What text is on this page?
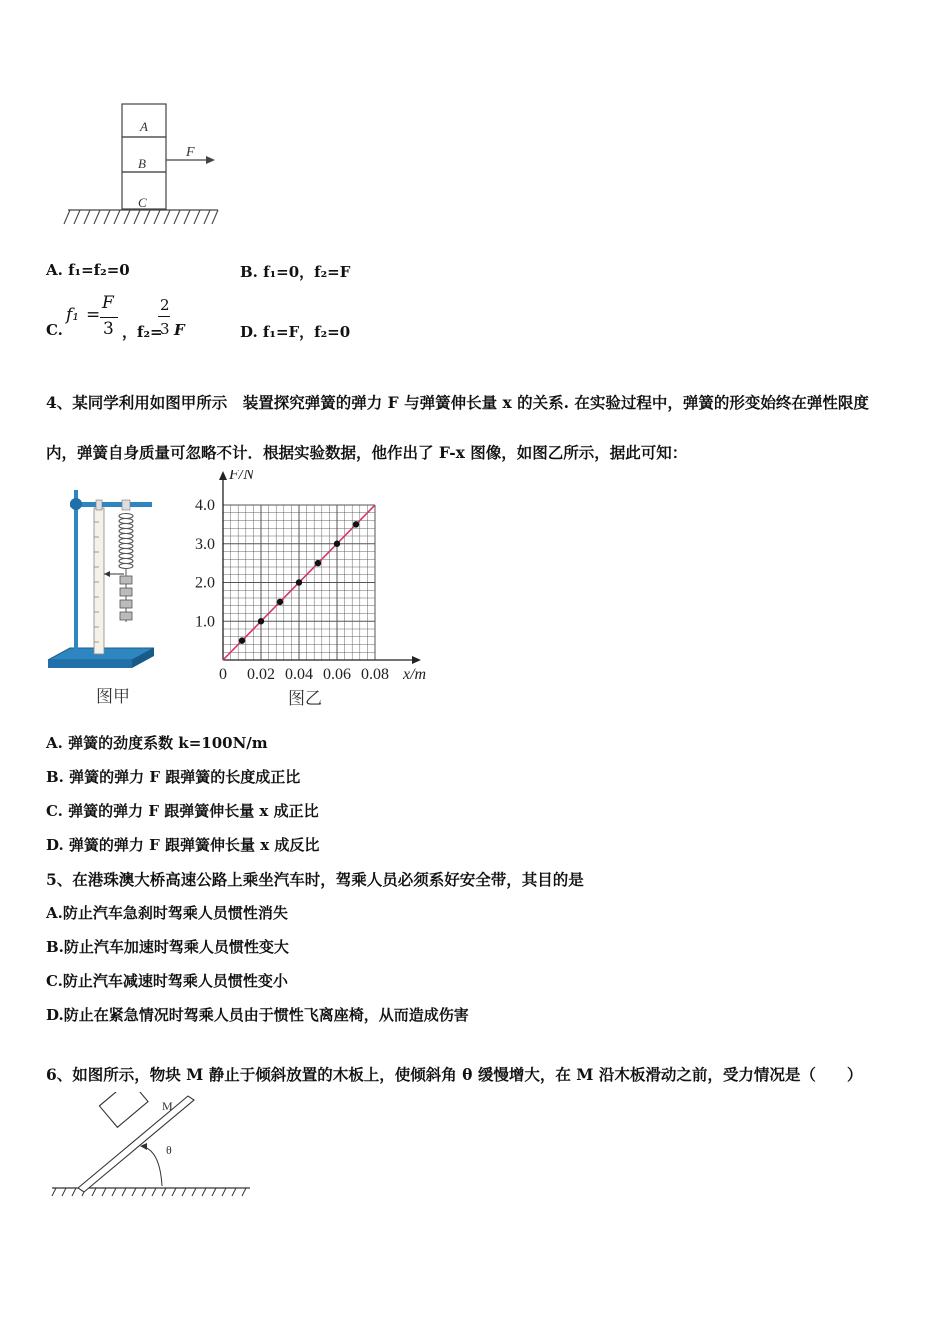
A
B
C
F
A. f₁=f₂=0	B. f₁=0，f₂=F
C.
f₁ =
F
3 ，f₂=
2
3 F	D. f₁=F，f₂=0
4、某同学利用如图甲所示　装置探究弹簧的弹力 F 与弹簧伸长量 x 的关系. 在实验过程中，弹簧的形变始终在弹性限度
内，弹簧自身质量可忽略不计．根据实验数据，他作出了 F-x 图像，如图乙所示，据此可知：
图甲
0 0.02 0.04 0.06 0.08
1.0
2.0
3.0
4.0
x/m
F/N
图乙
A. 弹簧的劲度系数 k=100N/m
B. 弹簧的弹力 F 跟弹簧的长度成正比
C. 弹簧的弹力 F 跟弹簧伸长量 x 成正比
D. 弹簧的弹力 F 跟弹簧伸长量 x 成反比
5、在港珠澳大桥高速公路上乘坐汽车时，驾乘人员必须系好安全带，其目的是
A.防止汽车急刹时驾乘人员惯性消失
B.防止汽车加速时驾乘人员惯性变大
C.防止汽车减速时驾乘人员惯性变小
D.防止在紧急情况时驾乘人员由于惯性飞离座椅，从而造成伤害
6、如图所示，物块 M 静止于倾斜放置的木板上，使倾斜角 θ 缓慢增大，在 M 沿木板滑动之前，受力情况是（　　）
M
θ
